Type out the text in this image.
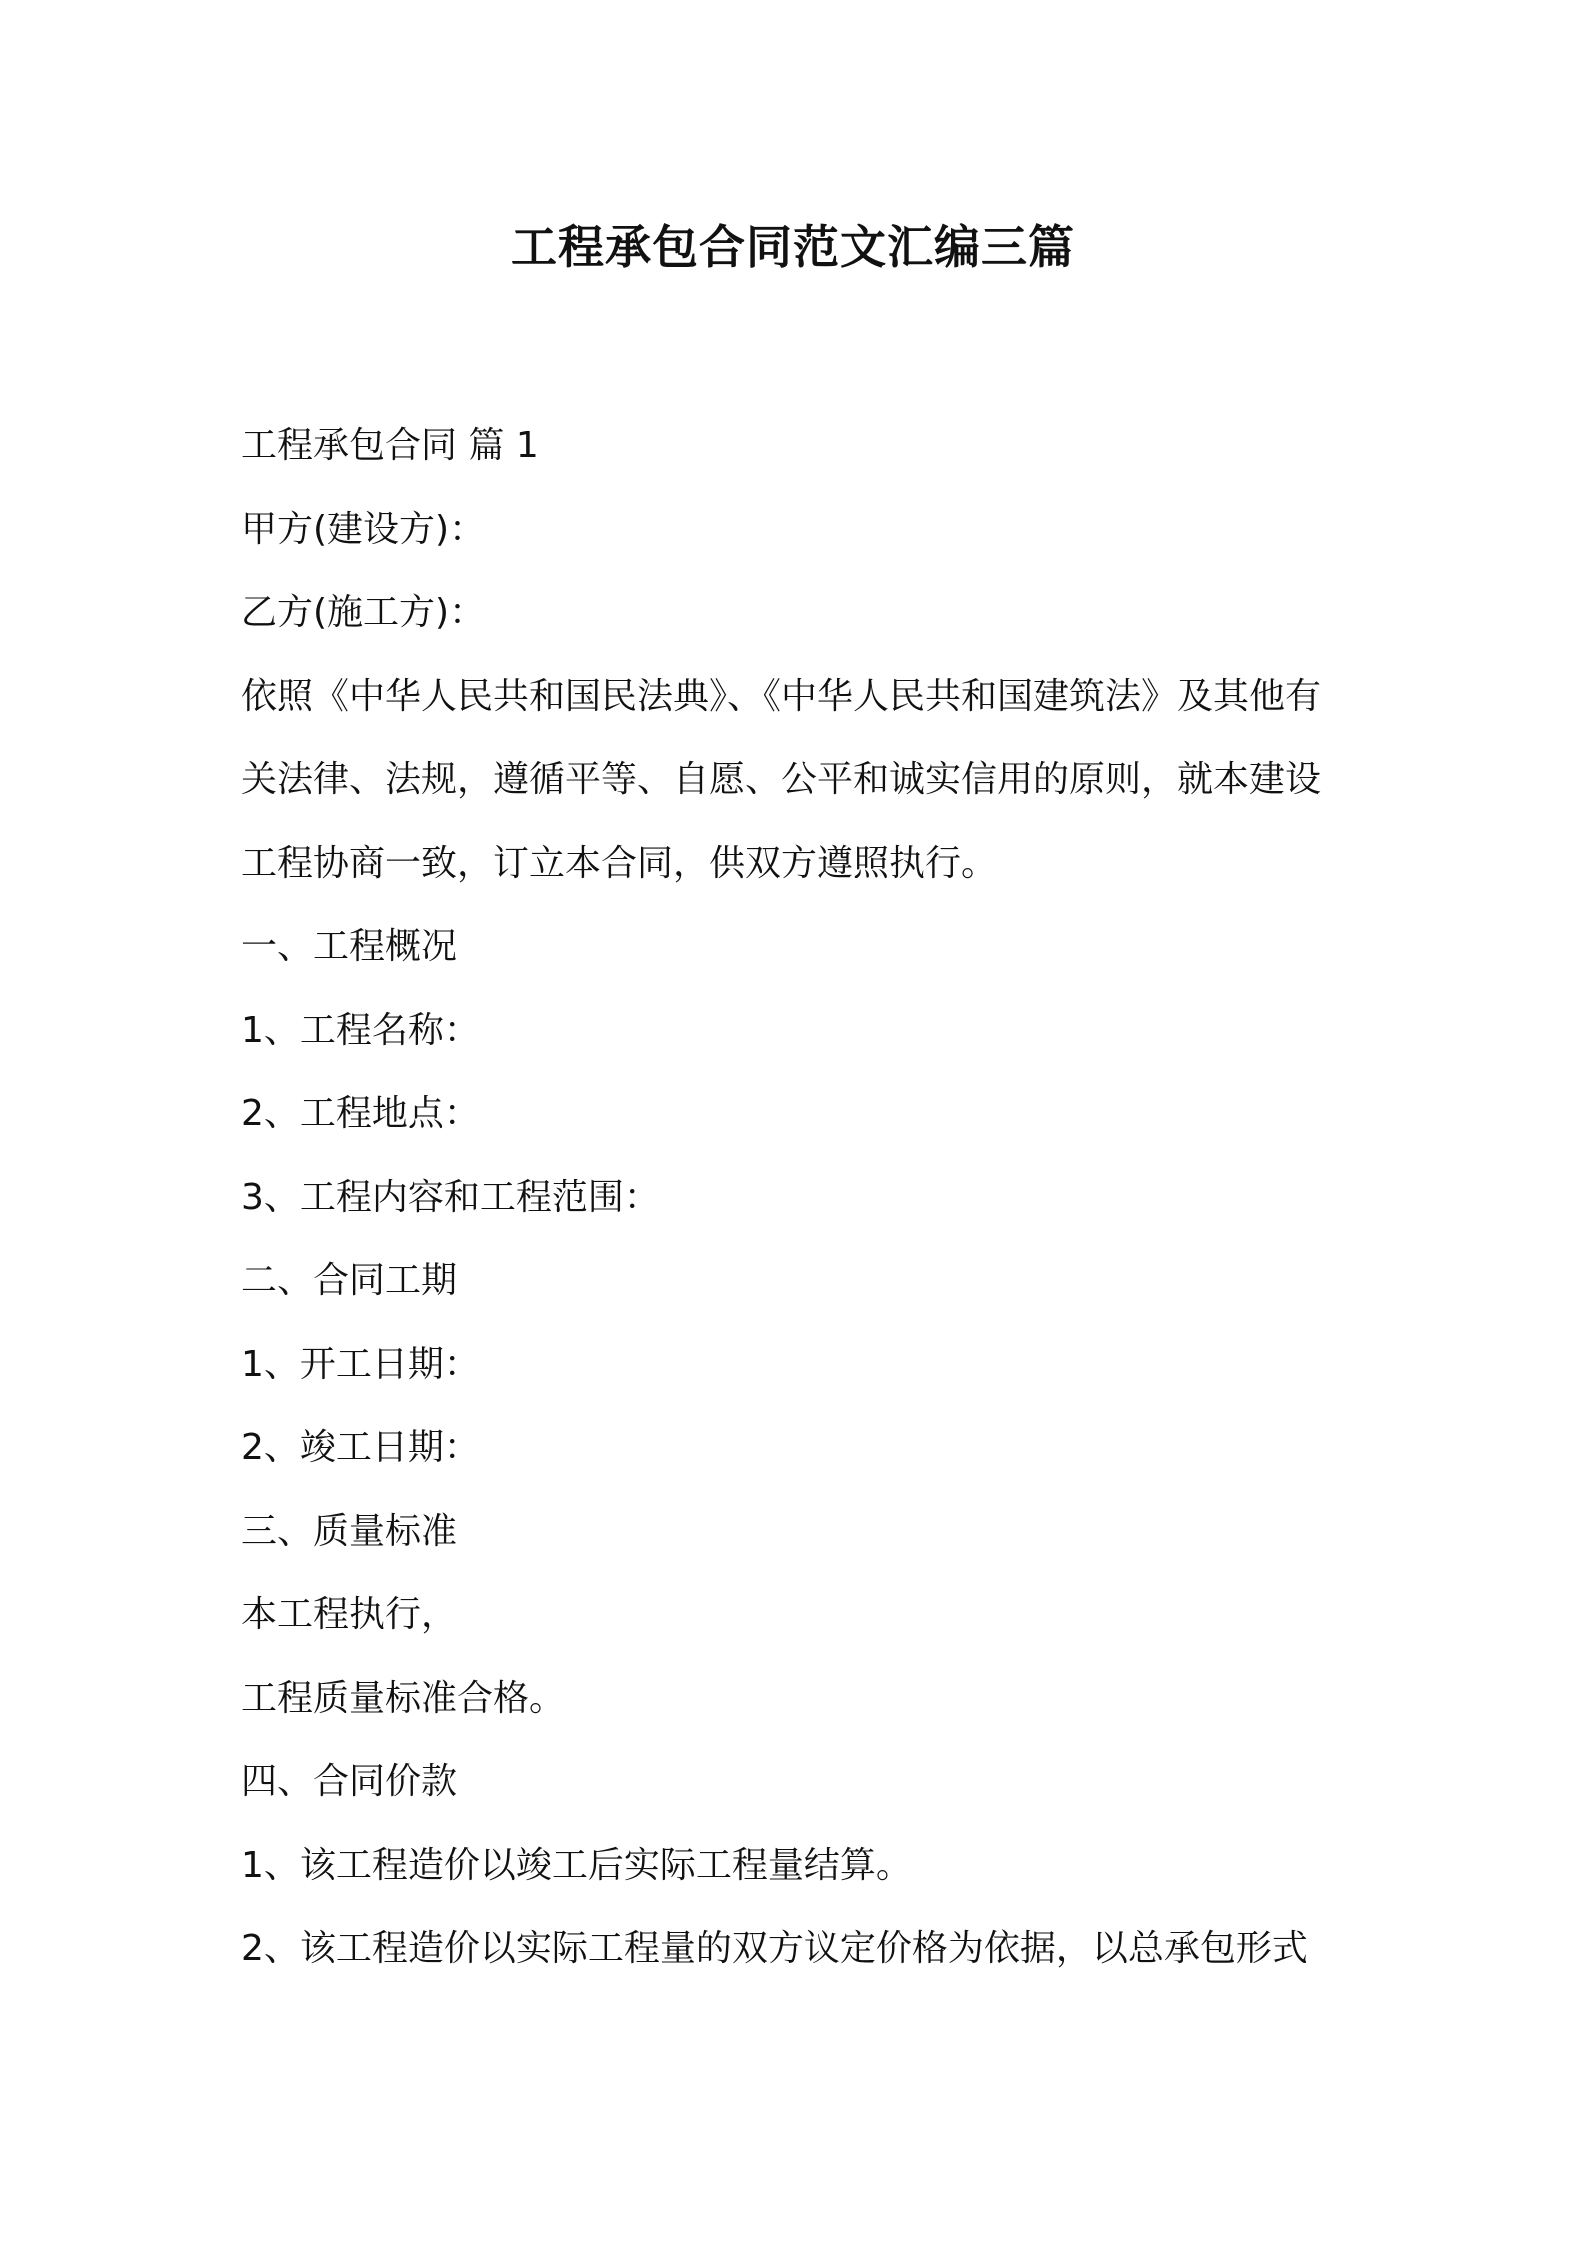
工程承包合同范文汇编三篇

工程承包合同 篇 1

甲方(建设方)：

乙方(施工方)：

依照《中华人民共和国民法典》、《中华人民共和国建筑法》及其他有

关法律、法规，遵循平等、自愿、公平和诚实信用的原则，就本建设

工程协商一致，订立本合同，供双方遵照执行。

一、工程概况

1、工程名称：

2、工程地点：

3、工程内容和工程范围：

二、合同工期

1、开工日期：

2、竣工日期：

三、质量标准

本工程执行，

工程质量标准合格。

四、合同价款

1、该工程造价以竣工后实际工程量结算。

2、该工程造价以实际工程量的双方议定价格为依据，以总承包形式
